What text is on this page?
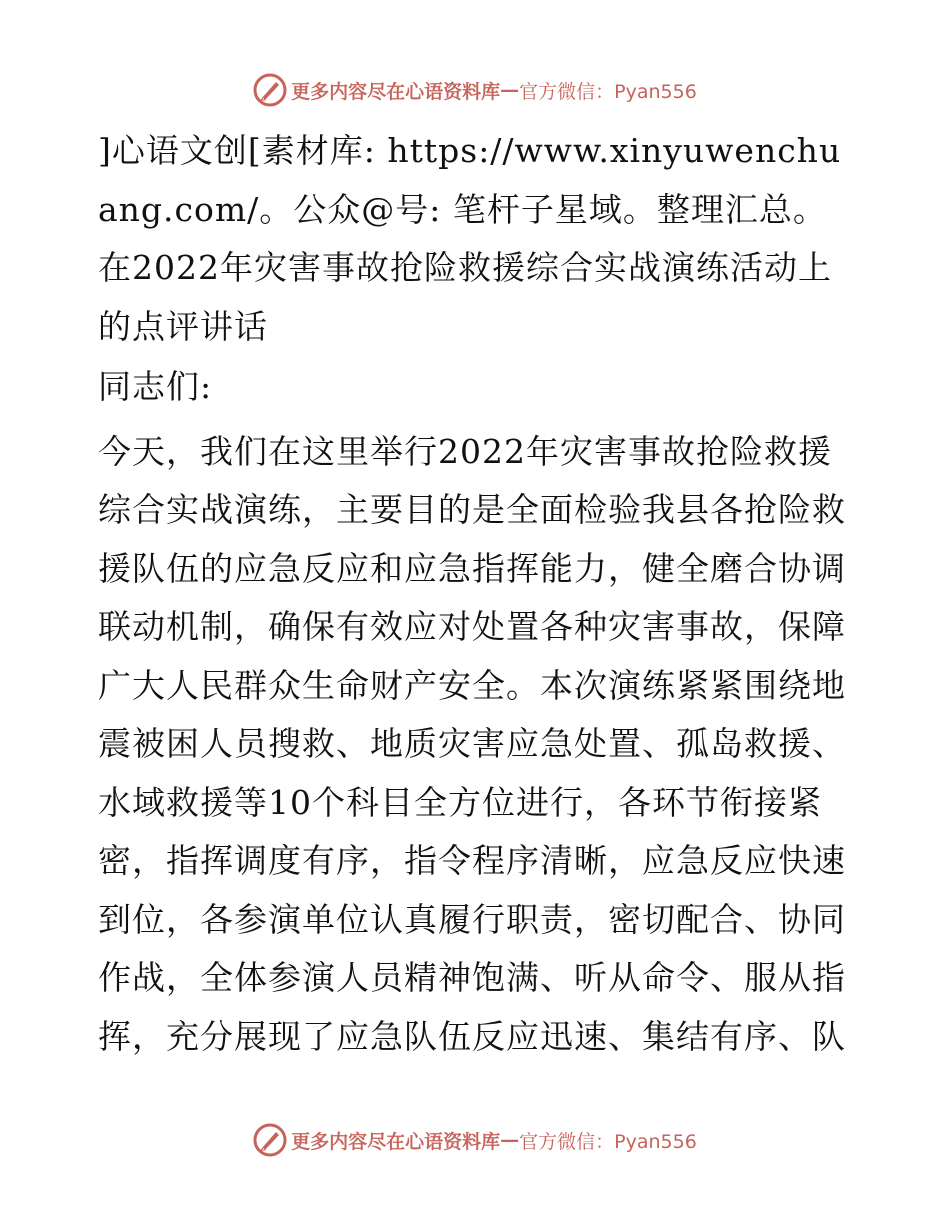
更多内容尽在心语资料库 — 官方微信：Pyan556

]心语文创[素材库: https://www.xinyuwenchuang.com/。公众@号: 笔杆子星域。整理汇总。在2022年灾害事故抢险救援综合实战演练活动上的点评讲话

同志们:

今天，我们在这里举行2022年灾害事故抢险救援综合实战演练，主要目的是全面检验我县各抢险救援队伍的应急反应和应急指挥能力，健全磨合协调联动机制，确保有效应对处置各种灾害事故，保障广大人民群众生命财产安全。本次演练紧紧围绕地震被困人员搜救、地质灾害应急处置、孤岛救援、水域救援等10个科目全方位进行，各环节衔接紧密，指挥调度有序，指令程序清晰，应急反应快速到位，各参演单位认真履行职责，密切配合、协同作战，全体参演人员精神饱满、听从命令、服从指挥，充分展现了应急队伍反应迅速、集结有序、队

更多内容尽在心语资料库 — 官方微信：Pyan556
